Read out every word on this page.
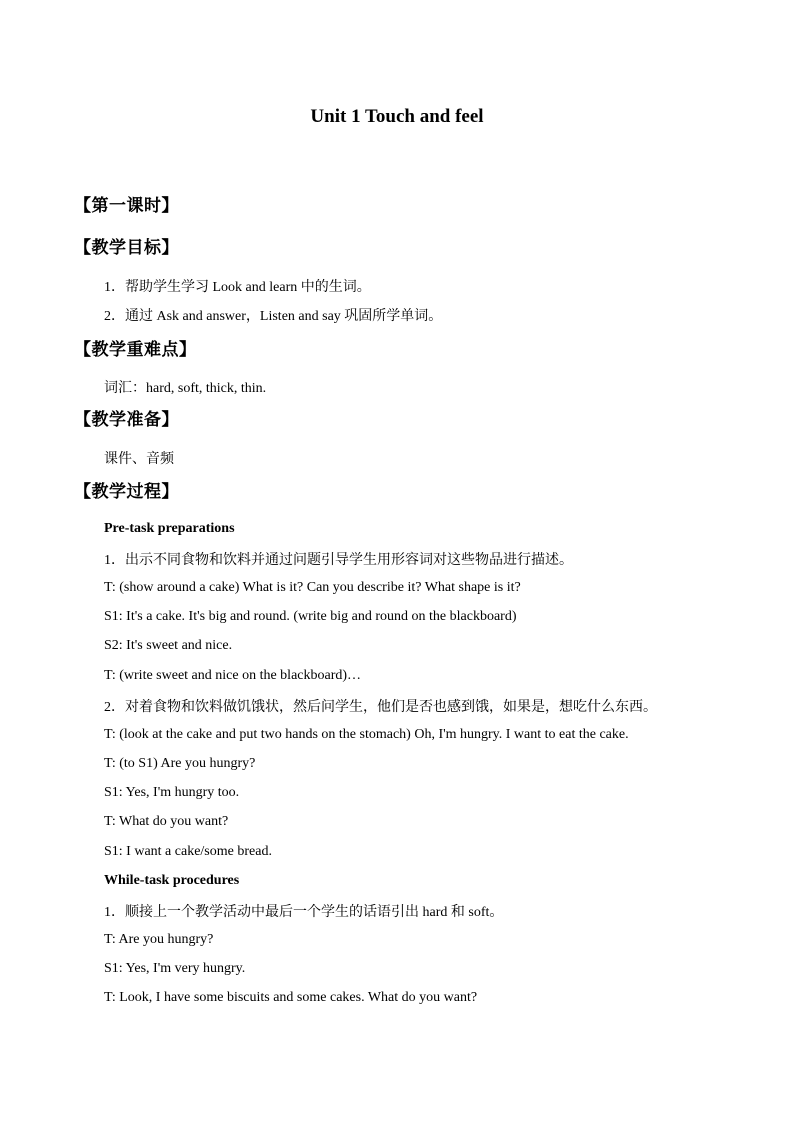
Unit 1 Touch and feel
【第一课时】
【教学目标】
1．帮助学生学习 Look and learn 中的生词。
2．通过 Ask and answer，Listen and say 巩固所学单词。
【教学重难点】
词汇：hard, soft, thick, thin.
【教学准备】
课件、音频
【教学过程】
Pre-task preparations
1．出示不同食物和饮料并通过问题引导学生用形容词对这些物品进行描述。
T: (show around a cake) What is it? Can you describe it? What shape is it?
S1: It's a cake. It's big and round. (write big and round on the blackboard)
S2: It's sweet and nice.
T: (write sweet and nice on the blackboard)…
2．对着食物和饮料做饥饿状，然后问学生，他们是否也感到饿，如果是，想吃什么东西。
T: (look at the cake and put two hands on the stomach) Oh, I'm hungry. I want to eat the cake.
T: (to S1) Are you hungry?
S1: Yes, I'm hungry too.
T: What do you want?
S1: I want a cake/some bread.
While-task procedures
1．顺接上一个教学活动中最后一个学生的话语引出 hard 和 soft。
T: Are you hungry?
S1: Yes, I'm very hungry.
T: Look, I have some biscuits and some cakes. What do you want?
